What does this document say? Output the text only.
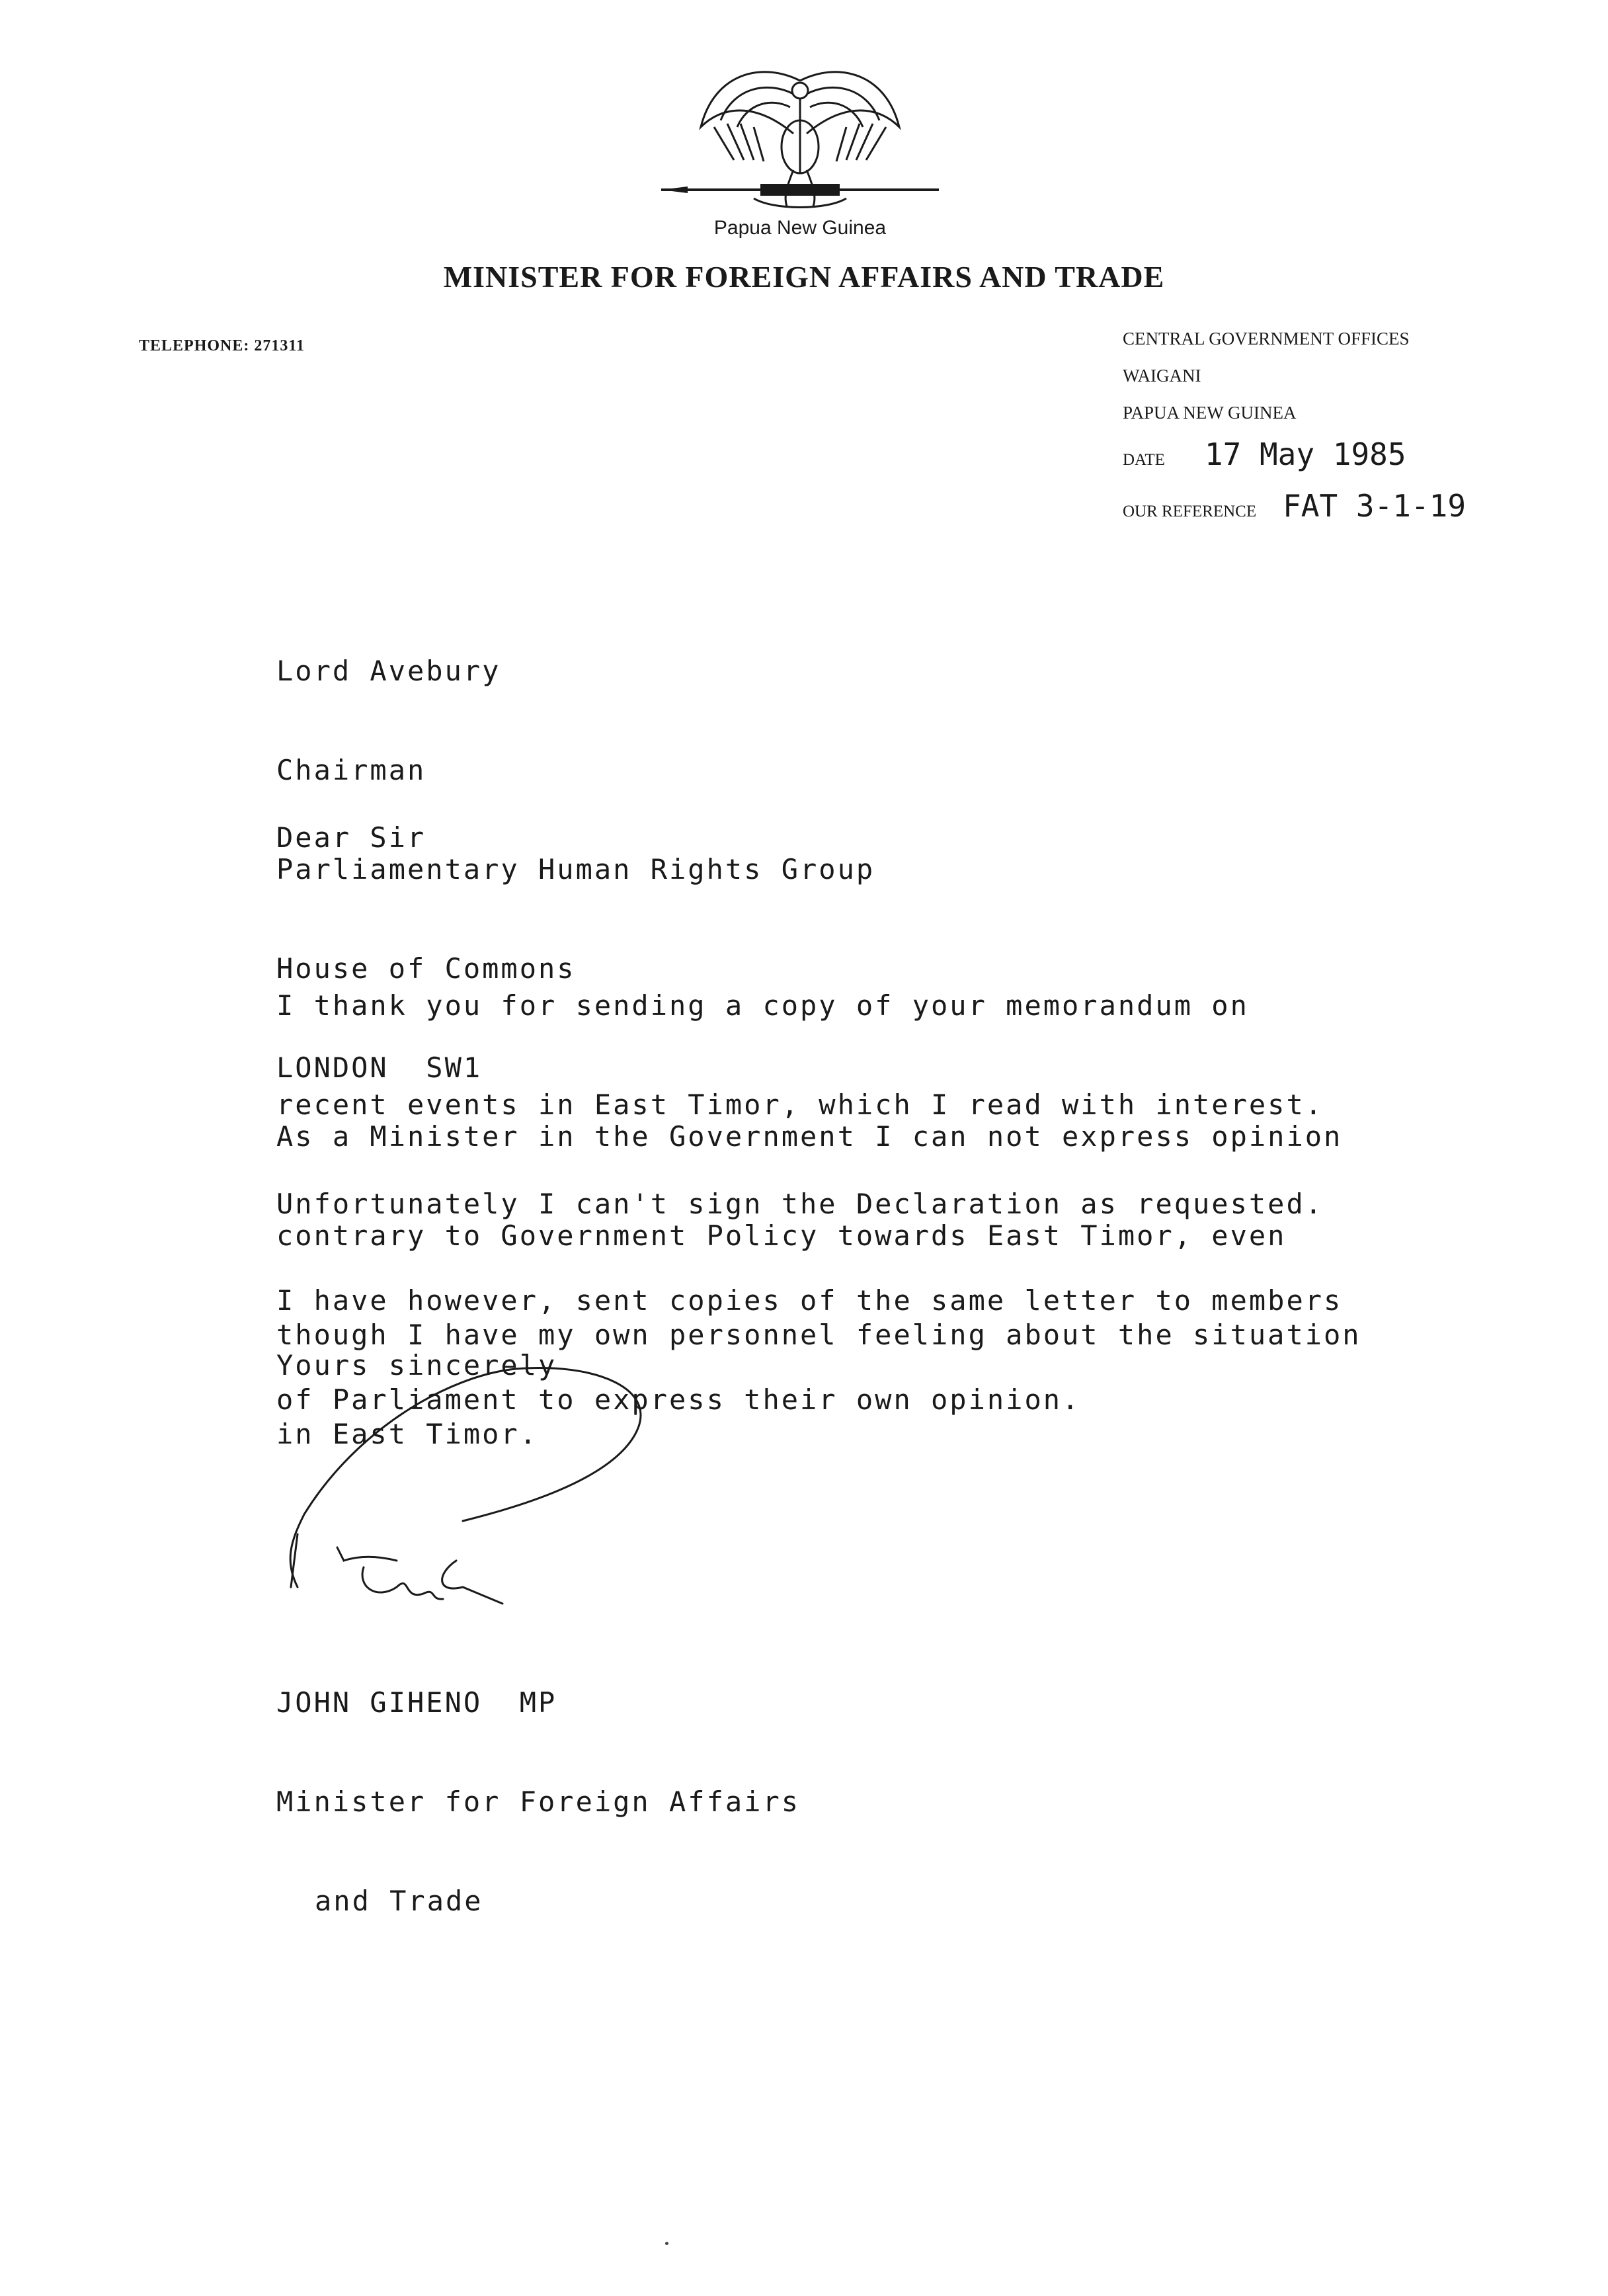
Papua New Guinea
MINISTER FOR FOREIGN AFFAIRS AND TRADE
TELEPHONE: 271311	CENTRAL GOVERNMENT OFFICES
WAIGANI
PAPUA NEW GUINEA
DATE 17 May 1985
OUR REFERENCE FAT 3-1-19

Lord Avebury

Chairman

Parliamentary Human Rights Group

House of Commons

LONDON  SW1

Dear Sir

I thank you for sending a copy of your memorandum on

recent events in East Timor, which I read with interest.

Unfortunately I can't sign the Declaration as requested.

As a Minister in the Government I can not express opinion

contrary to Government Policy towards East Timor, even

though I have my own personnel feeling about the situation

in East Timor.

I have however, sent copies of the same letter to members

of Parliament to express their own opinion.

Yours sincerely

JOHN GIHENO  MP

Minister for Foreign Affairs

and Trade
